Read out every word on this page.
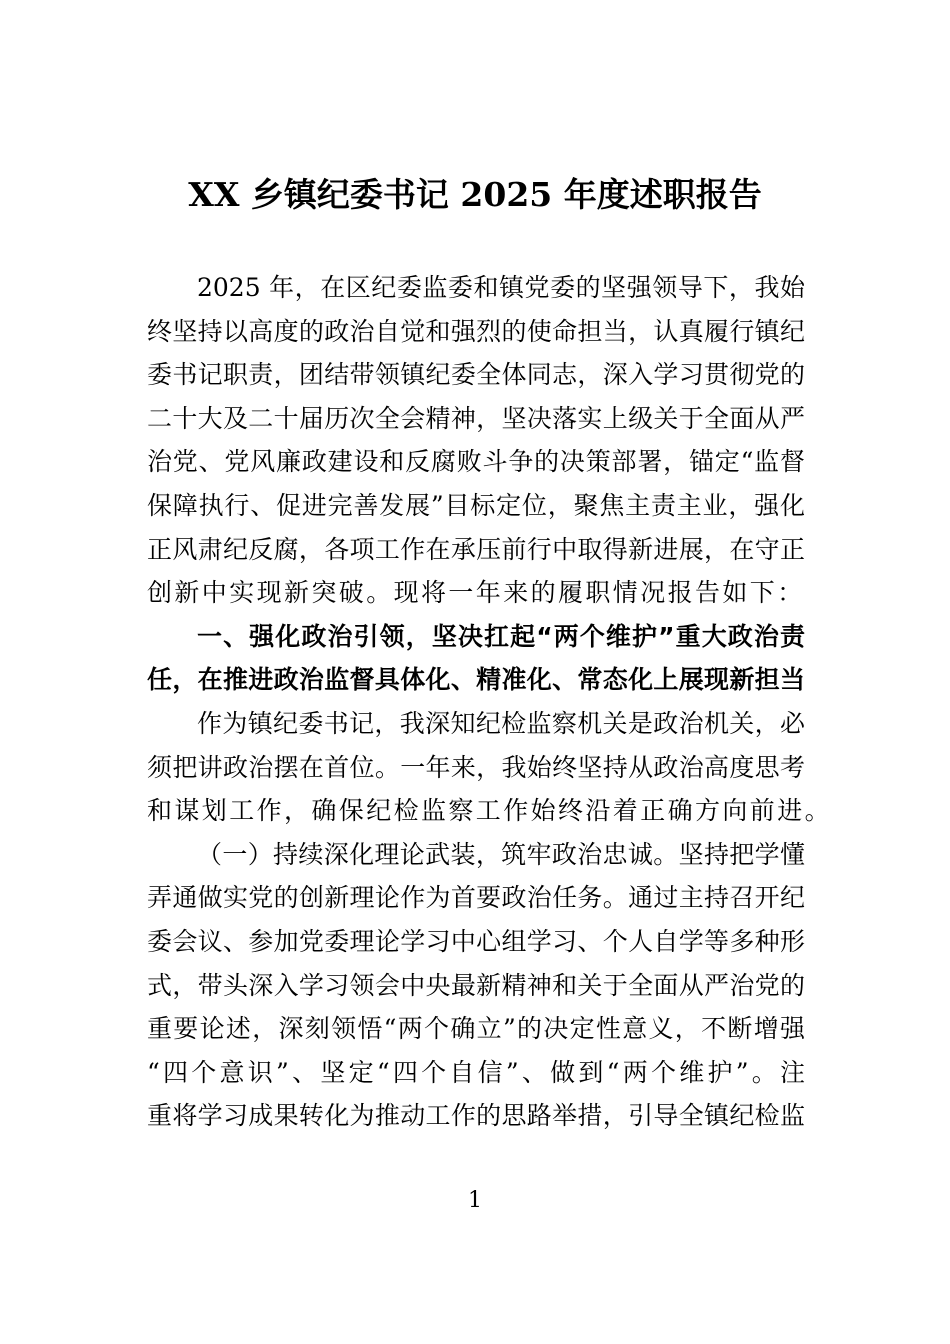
XX 乡镇纪委书记 2025 年度述职报告
2025 年，在区纪委监委和镇党委的坚强领导下，我始
终坚持以高度的政治自觉和强烈的使命担当，认真履行镇纪
委书记职责，团结带领镇纪委全体同志，深入学习贯彻党的
二十大及二十届历次全会精神，坚决落实上级关于全面从严
治党、党风廉政建设和反腐败斗争的决策部署，锚定“监督
保障执行、促进完善发展”目标定位，聚焦主责主业，强化
正风肃纪反腐，各项工作在承压前行中取得新进展，在守正
创新中实现新突破。现将一年来的履职情况报告如下：
一、强化政治引领，坚决扛起“两个维护”重大政治责
任，在推进政治监督具体化、精准化、常态化上展现新担当
作为镇纪委书记，我深知纪检监察机关是政治机关，必
须把讲政治摆在首位。一年来，我始终坚持从政治高度思考
和谋划工作，确保纪检监察工作始终沿着正确方向前进。
（一）持续深化理论武装，筑牢政治忠诚。坚持把学懂
弄通做实党的创新理论作为首要政治任务。通过主持召开纪
委会议、参加党委理论学习中心组学习、个人自学等多种形
式，带头深入学习领会中央最新精神和关于全面从严治党的
重要论述，深刻领悟“两个确立”的决定性意义，不断增强
“四个意识”、坚定“四个自信”、做到“两个维护”。注
重将学习成果转化为推动工作的思路举措，引导全镇纪检监
1
